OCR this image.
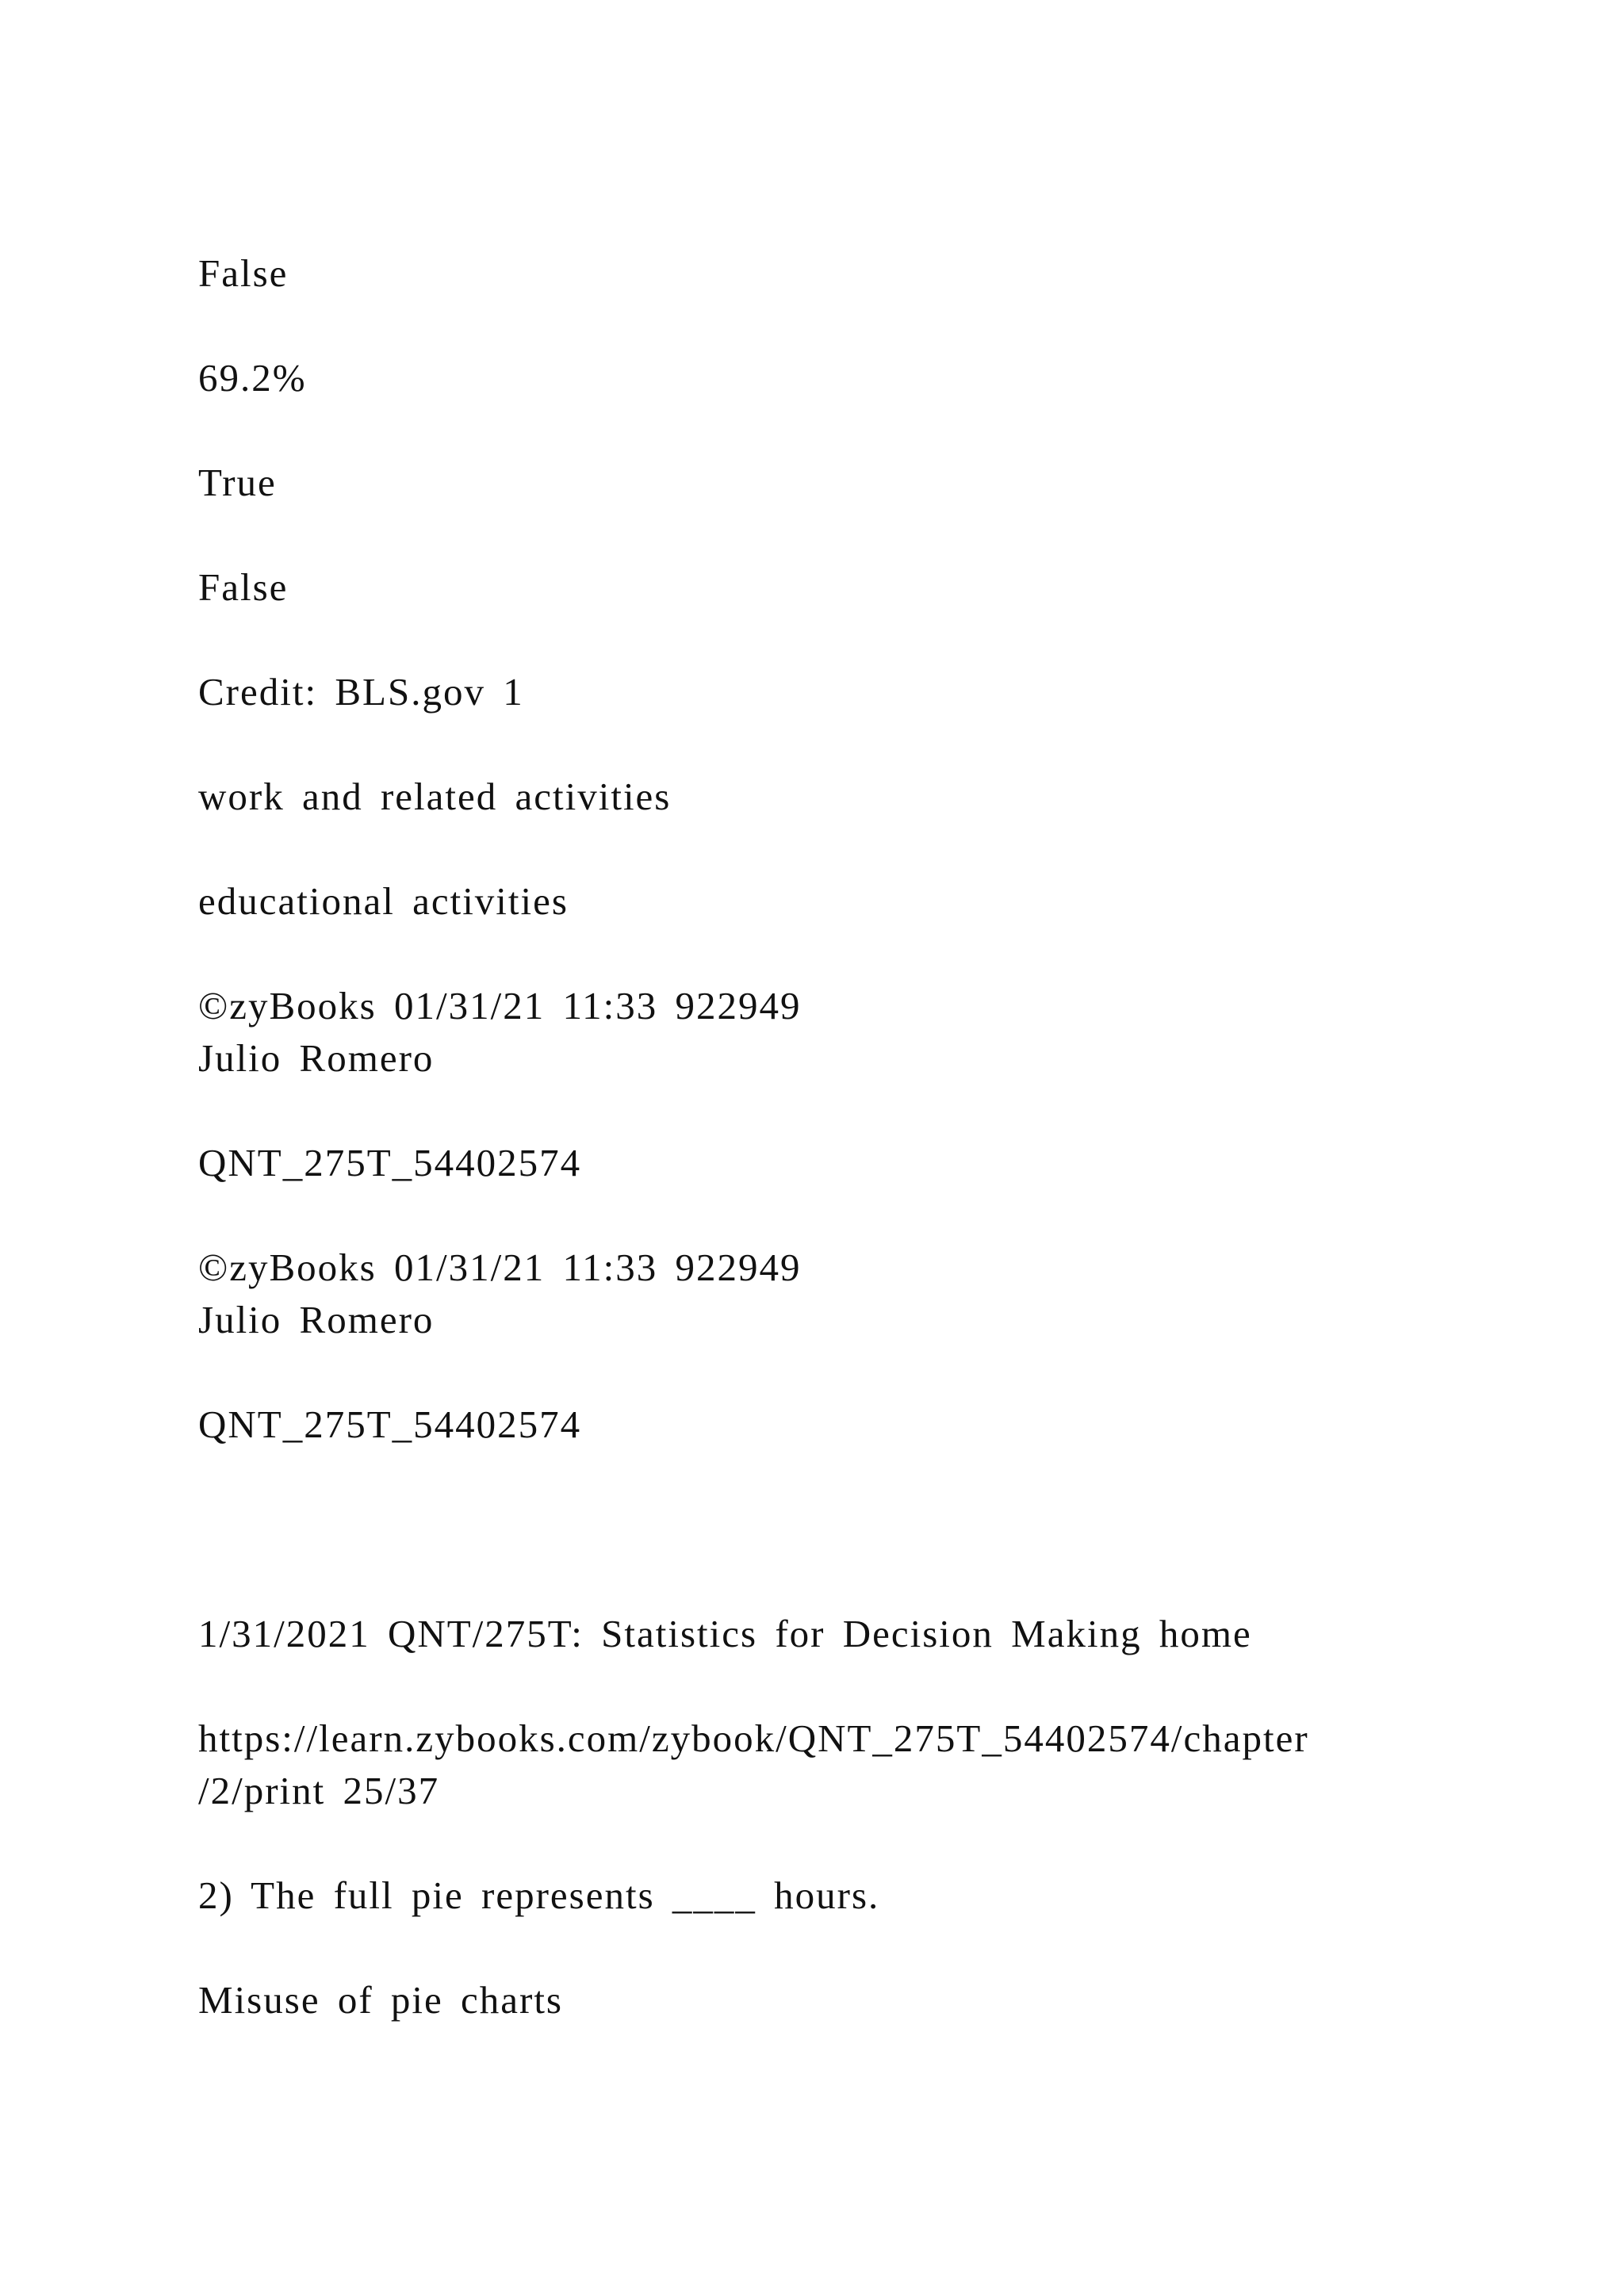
False

69.2%

True

False

Credit: BLS.gov 1

work and related activities

educational activities

©zyBooks 01/31/21 11:33 922949

Julio Romero

QNT_275T_54402574

©zyBooks 01/31/21 11:33 922949

Julio Romero

QNT_275T_54402574

1/31/2021 QNT/275T: Statistics for Decision Making home

https://learn.zybooks.com/zybook/QNT_275T_54402574/chapter

/2/print 25/37

2) The full pie represents ____ hours.

Misuse of pie charts
